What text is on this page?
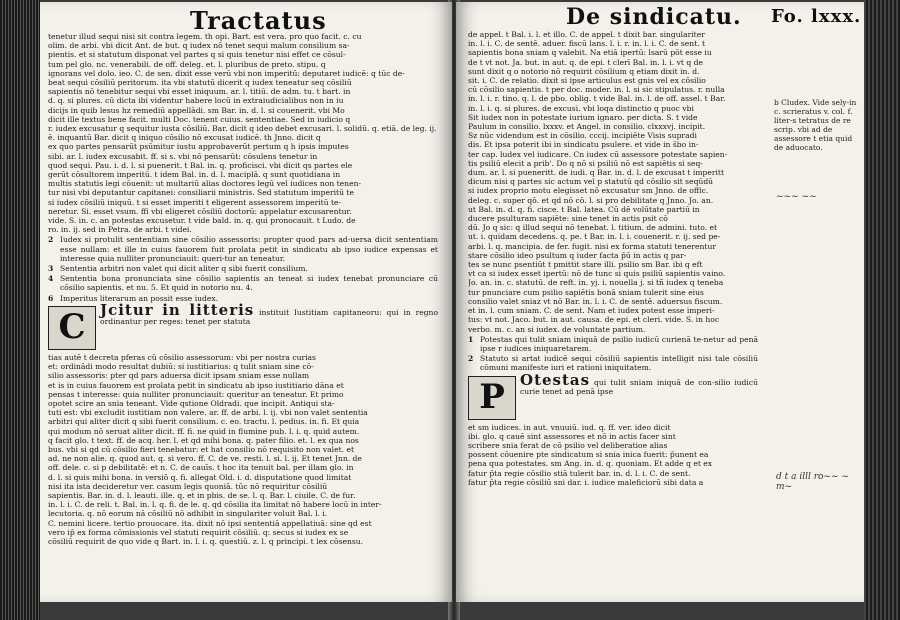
Tractatus
tenetur illud sequi nisi sit contra legem. th opi. Bart. est vera. pro quo facit. c. cu
olim. de arbi. vbi dicit Ant. de but. q iudex nō tenet sequi malum consilium sa-
pientis. et si statutum disponat vel partes q si quis tenetur nisi effet ce cōsul-
tum pel glo. nc. venerabili. de off. deleg. et. l. pluribus de preto. stipu. q
ignorans vel dolo. ieo. C. de sen. dixit esse verū vbi non imperitū: deputaret iudicē: q tūc de-
beat sequi cōsiliū peritorum. ita vbi statutū dicerit q iudex teneatur seq cōsiliū
sapientis nō tenebitur sequi vbi esset iniquum. ar. l. titiū. de adm. tu. t bart. in
d. q. si plures. cū dicta ibi videntur habere locū in extraiudicialibus non in iu
dicijs in quib lesus hz remediū appellādi. sm Bar. in. d. l. si couenerit. vbi Mo
dicit ille textus bene facit. multi Doc. tenent cuius. sententiae. Sed in iudicio q
r. iudex excusatur q sequitur iusta cōsiliū. Bar. dicit q ideo debet excusari. l. solidū. q. etiā. de leg. ij.
ē. inquantū Bar. dicit q iniquo cōsilio nō excusat iudicē. th Jnno. dicit q
ex quo partes pensarūt psūmitur iustu approbaverūt pertum q h ipsis imputes
sibi. ar. l. iudex excusabit. ff. si s. vbi nō pensarūt: cōsulens tenetur in
quod sequi. Pau. i. d. l. si puenerit. t Bal. in. q. proficisci. vbi dicit qs partes ele
gerūt cōsultorem imperitū. t idem Bal. in. d. l. maciplā. q sunt quotidiana in
multis statutis legi cōuenit: ut multariū alias doctores legū vel iudices non tenen-
tur nisi vbi deputantur capitanei: consiliarii ministris. Sed statutum imperitū te
si iudex cōsiliū iniquū. t si esset imperiti t eligerent assessorem imperitū te-
neretur. Si. esset vsum. ffi vbi eligeret cōsiliū doctorū: appelatur excusarentur.
vide. S. in. c. an potestas excusetur. t vide bald. in. q. qui pronocauit. t Ludo. de
ro. in. ij. sed in Petra. de arbi. t videi.
2 Iudex si protulit sententiam sine cōsilio assessoris: propter quod pars ad-uersa dicit sententiam esse nullam: et ille in cuius fauorem fuit prolata petit in sindicatu ab ipso iudice expensas et interesse quia nulliter pronunciauit: queri-tur an teneatur.
3 Sententia arbitri non valet qui dicit aliter q sibi fuerit consilium.
4 Sententia bona pronunciata sine cōsilio sapientis an teneat si iudex tenebat pronunciare cū cōsilio sapientis. et nu. 5. Et quid in notorio nu. 4.
6 Imperitus literarum an possit esse iudex.
C Jcitur in litteris instituit Iustitiam capitaneoru: qui in regno ordinantur per reges: tenet per statuta
tias autē t decreta pferas cū cōsilio assessorum: vbi per nostra curias
et: ordinādi modo resultat dubiū: si iustitiarius: q tulit sniam sine cō-
silio assessoris: pter qd pars aduersa dicit ipsam sniam esse nullam
et is in cuius fauorem est prolata petit in sindicatu ab ipso iustitiario dāna et
pensas t interesse: quia nulliter pronunciauit: queritur an teneatur. Et primo
opotet scire an snia teneant. Vide qstione Oldradi. que incipit. Antiqui sta-
tuti est: vbi excludit iustitiam non valere. ar. ff. de arbi. l. ij. vbi non valet sententia
arbitri qui aliter dicit q sibi fuerit consilium. c. eo. tractu. l. pedius. in. fi. Et quia
qui modum nō seruat aliter dicit. ff. fi. ne quid in flumine pub. l. i. q. quid autem.
q facit glo. t text. ff. de acq. her. l. et qd mihi bona. q. pater filio. et. l. ex qua nos
bus. vbi si qd cū cōsilio fieri tenebatur: et hat consilio nō requisito non valet. et
ad. ne non alie. q. quod aut. q. si vero. ff. C. de ve. resti. l. si. l. ij. Et tenet Jnn. de
off. dele. c. si p debilitatē: et n. C. de cauīs. t hoc ita tenuit bal. per illam glo. in
d. l. si quis mihi bona. in versiō q. fi. allegat Old. i. d. disputatione quod limitat
nisi ita ista decideretur ver. casum legis quoniā. tūc nō requiritur cōsiliū
sapientis. Bar. in. d. l. leauti. ille. q. et in pbis. de se. l. q. Bar. l. ciuile. C. de fur.
in. l. i. C. de reli. t. Bal. in. l. q. fi. de le. q. qd cōsilia ita limitat nō habere locū in inter-
lecutoria. q. nō eorum nā cōsiliū nō adhibit in singulariter voluit Bal. l. i.
C. nemini licere. tertio prouocare. ita. dixit nō ipsi sententiā appellatiuā: sine qd est
vero ip̄ ex forma cōmissionis vel statuti requirit cōsiliū. q: secus si iudex ex se
cōsiliū requirit de quo vide q Bart. in. l. i. q. questiū. z. l. q principi. t lex cōsensu.
De sindicatu. Fo. lxxx.
de appel. t Bal. i. l. et illo. C. de appel. t dixit bar. singulariter
in. l. i. C. de sentē. aduer. fiscū lans. l. i. r. in. l. i. C. de sent. t
sapientis bona sniam q valebit. Na etiā ipertū: lsarū pōt esse iu
de t vt not. Ja. but. in aut. q. de epi. t clerī Bal. in. l. i. vt q de
sunt dixit q o notorio nō requirit cōsilium q etiam dixit in. d.
sit. i. C. de relatio. dixit si ipse articulus est gnis vel ex cōsilio
cū cōsilio sapientis. t per doc. moder. in. l. si sic stipulatus. r. nulla
in. l. i. r. tino. q. l. de pbo. oblig. t vide Bal. in. l. de off. assel. t Bar.
in. l. i. q. si plures. de excusi. vbi loqa distinctio q puoc vbi
Sit iudex non in potestate iurium ignaro. per dicta. S. t vide
Paulum in consilio. lxxxv. et Angel. in consilio. clxxxvj. incipit.
Sz nūc videndum est in cōsilio. cccij. incipiēte Visis supradi
dis. Et ipsa poterit ibi in sindicatu psulere. et vide in s̄bo in-
ter cap. ludex vel iudicare. Cn iudex cū assessore potestate sapien-
tis psiliū elecit a prib'. Do q nō si psiliū nō est sapiētis si seq-
dum. ar. l. si pueneritt. de iudi. q Bar. in. d. l. de excusat t imperitt
dicum nisi q partes sic actum vel p statutū qd cōsilio sit seqūdū
si iudex proprio motu elegisset nō excusatur sm Jnno. de offic.
deleg. c. super qō. et qd nō cō. l. si pro debilitate q Jnno. Jo. an.
ut Bal. in. d. q. fi. cisce. t Bal. latea. Cū dē volūtate partiū in
ducere psulturam sapiēte: sine tenet in actis psit cō
dū. Jo q sic: q illud sequi nō tenebat. l. titium. de admini. tuto. et
ut. i. quidam decedens. q. pe. t Bar. in. l. i. couenerit. r. ij. sed pe-
arbi. l. q. mancipia. de fer. fugit. nisi ex forma statuti tenerentur
stare cōsilio ideo psultum q iuder facta p̄ū in actis q par-
tes se nunc psentiūt t pmittit stare illi. psilio sm Bar. ibi q eft
vt ca si iudex esset ipertū: nō de tunc si quis psiliū sapientis vaino.
Jo. an. in. c. statutū. de reft. in. yj. i. nouella j. si tñ iudex q teneba
tur pnunciare cum psilio sapiētis bonā sniam tulerit sine eius
consilio valet sniaz vt nō Bar. in. l. i. C. de sentē. aduersus fiscum.
et in. l. cum sniam. C. de sent. Nam et iudex potest esse imperi-
tus: vt not. Jaco. but. in aut. causa. de epi. et cleri. vide. S. in hoc
verbo. m. c. an si iudex. de voluntate partium.
1 Potestas qui tulit sniam iniquā de psilio iudicū curienā te-netur ad penā ipse r iudices iniquaretarem.
2 Statuto si artat iudicē sequi cōsiliū sapientis intelligit nisi tale cōsiliū cōmuni manifeste iuri et rationi iniquitatem.
P	Otestas qui tulit sniam iniquā de con-silio iudicū curie tenet ad penā ipse
et sm iudices. in aut. vnuuiū. iud. q. ff. ver. ideo dicit
ibi. glo. q cauē sint assessores et nō in actis facer sint
scribere snia ferat de cō psilio vel deliberatioe alias
possent cōuenire pte sindicatum si snia inica fuerit: p̄unent ea
pena qua potestates. sm Ang. in. d. q. quoniam. Et adde q et ex
fatur p̄ta regie cōsilio stiā tulerit bar. in. d. l. i. C. de sent.
fatur p̄ta regie cōsiliū sni dar. i. iudice maleficiorū sibi data a
b Cludex. Vide sely-in c. scrieratus v. col. f. liter-s tetratus de re scrip. vbi ad de assessore t etia quid de aduocato.
~~~ ~~
d t a illl ro~~ ~ m~
